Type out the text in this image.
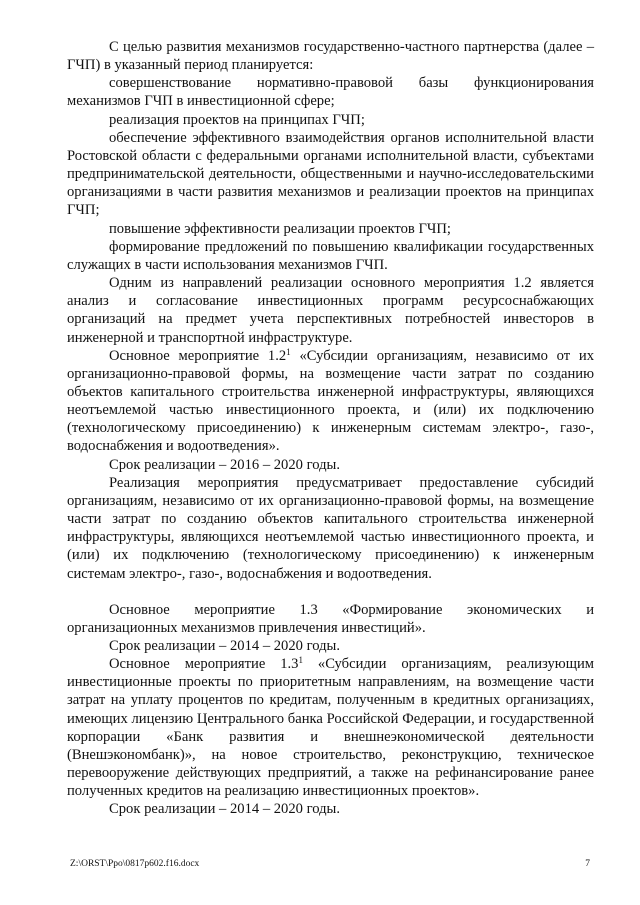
С целью развития механизмов государственно-частного партнерства (далее – ГЧП) в указанный период планируется:

совершенствование нормативно-правовой базы функционирования механизмов ГЧП в инвестиционной сфере;

реализация проектов на принципах ГЧП;

обеспечение эффективного взаимодействия органов исполнительной власти Ростовской области с федеральными органами исполнительной власти, субъектами предпринимательской деятельности, общественными и научно-исследовательскими организациями в части развития механизмов и реализации проектов на принципах ГЧП;

повышение эффективности реализации проектов ГЧП;

формирование предложений по повышению квалификации государственных служащих в части использования механизмов ГЧП.

Одним из направлений реализации основного мероприятия 1.2 является анализ и согласование инвестиционных программ ресурсоснабжающих организаций на предмет учета перспективных потребностей инвесторов в инженерной и транспортной инфраструктуре.

Основное мероприятие $1.2^1$ «Субсидии организациям, независимо от их организационно-правовой формы, на возмещение части затрат по созданию объектов капитального строительства инженерной инфраструктуры, являющихся неотъемлемой частью инвестиционного проекта, и (или) их подключению (технологическому присоединению) к инженерным системам электро-, газо-, водоснабжения и водоотведения».

Срок реализации – 2016 – 2020 годы.

Реализация мероприятия предусматривает предоставление субсидий организациям, независимо от их организационно-правовой формы, на возмещение части затрат по созданию объектов капитального строительства инженерной инфраструктуры, являющихся неотъемлемой частью инвестиционного проекта, и (или) их подключению (технологическому присоединению) к инженерным системам электро-, газо-, водоснабжения и водоотведения.

Основное мероприятие 1.3 «Формирование экономических и организационных механизмов привлечения инвестиций».

Срок реализации – 2014 – 2020 годы.

Основное мероприятие $1.3^1$ «Субсидии организациям, реализующим инвестиционные проекты по приоритетным направлениям, на возмещение части затрат на уплату процентов по кредитам, полученным в кредитных организациях, имеющих лицензию Центрального банка Российской Федерации, и государственной корпорации «Банк развития и внешнеэкономической деятельности (Внешэкономбанк)», на новое строительство, реконструкцию, техническое перевооружение действующих предприятий, а также на рефинансирование ранее полученных кредитов на реализацию инвестиционных проектов».

Срок реализации – 2014 – 2020 годы.

Z:\ORST\Ppo\0817p602.f16.docx	7
